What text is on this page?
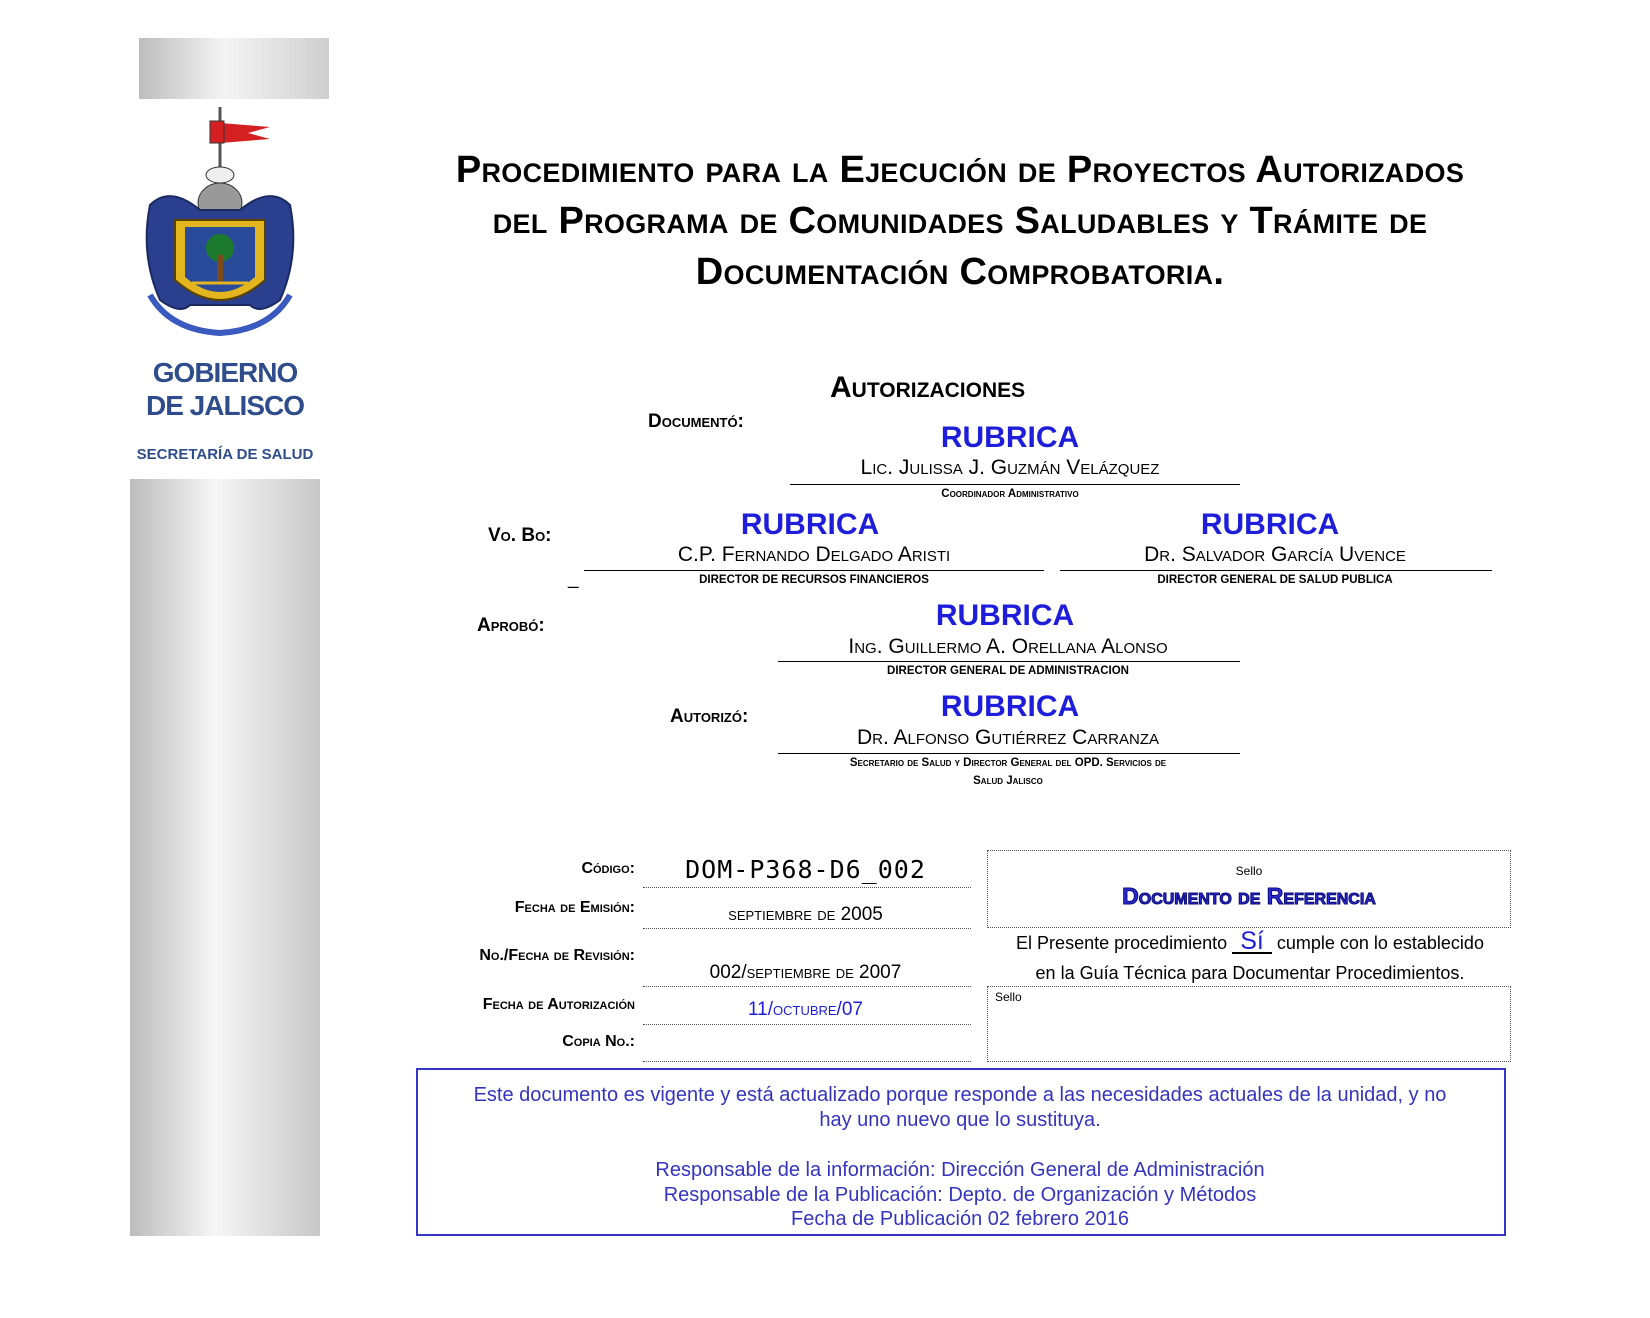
GOBIERNO
DE JALISCO
SECRETARÍA DE SALUD
Procedimiento para la Ejecución de Proyectos Autorizados
del Programa de Comunidades Saludables y Trámite de
Documentación Comprobatoria.
Autorizaciones
Documentó:	RUBRICA
Lic. Julissa J. Guzmán Velázquez
Coordinador Administrativo
Vo. Bo:
_
RUBRICA
C.P. Fernando Delgado Aristi
DIRECTOR DE RECURSOS FINANCIEROS
RUBRICA
Dr. Salvador García Uvence
DIRECTOR GENERAL DE SALUD PUBLICA
Aprobó:	RUBRICA
Ing. Guillermo A. Orellana Alonso
DIRECTOR GENERAL DE ADMINISTRACION
Autorizó:	RUBRICA
Dr. Alfonso Gutiérrez Carranza
Secretario de Salud y Director General del OPD. Servicios de
Salud Jalisco
Código:	DOM-P368-D6_002
Fecha de Emisión:	septiembre de 2005
No./Fecha de Revisión:
002/septiembre de 2007
Fecha de Autorización	11/octubre/07
Copia No.:
Sello
Documento de Referencia
El Presente procedimiento Sí cumple con lo establecido
en la Guía Técnica para Documentar Procedimientos.
Sello
Este documento es vigente y está actualizado porque responde a las necesidades actuales de la unidad, y no
hay uno nuevo que lo sustituya.
Responsable de la información: Dirección General de Administración
Responsable de la Publicación: Depto. de Organización y Métodos
Fecha de Publicación 02 febrero 2016
